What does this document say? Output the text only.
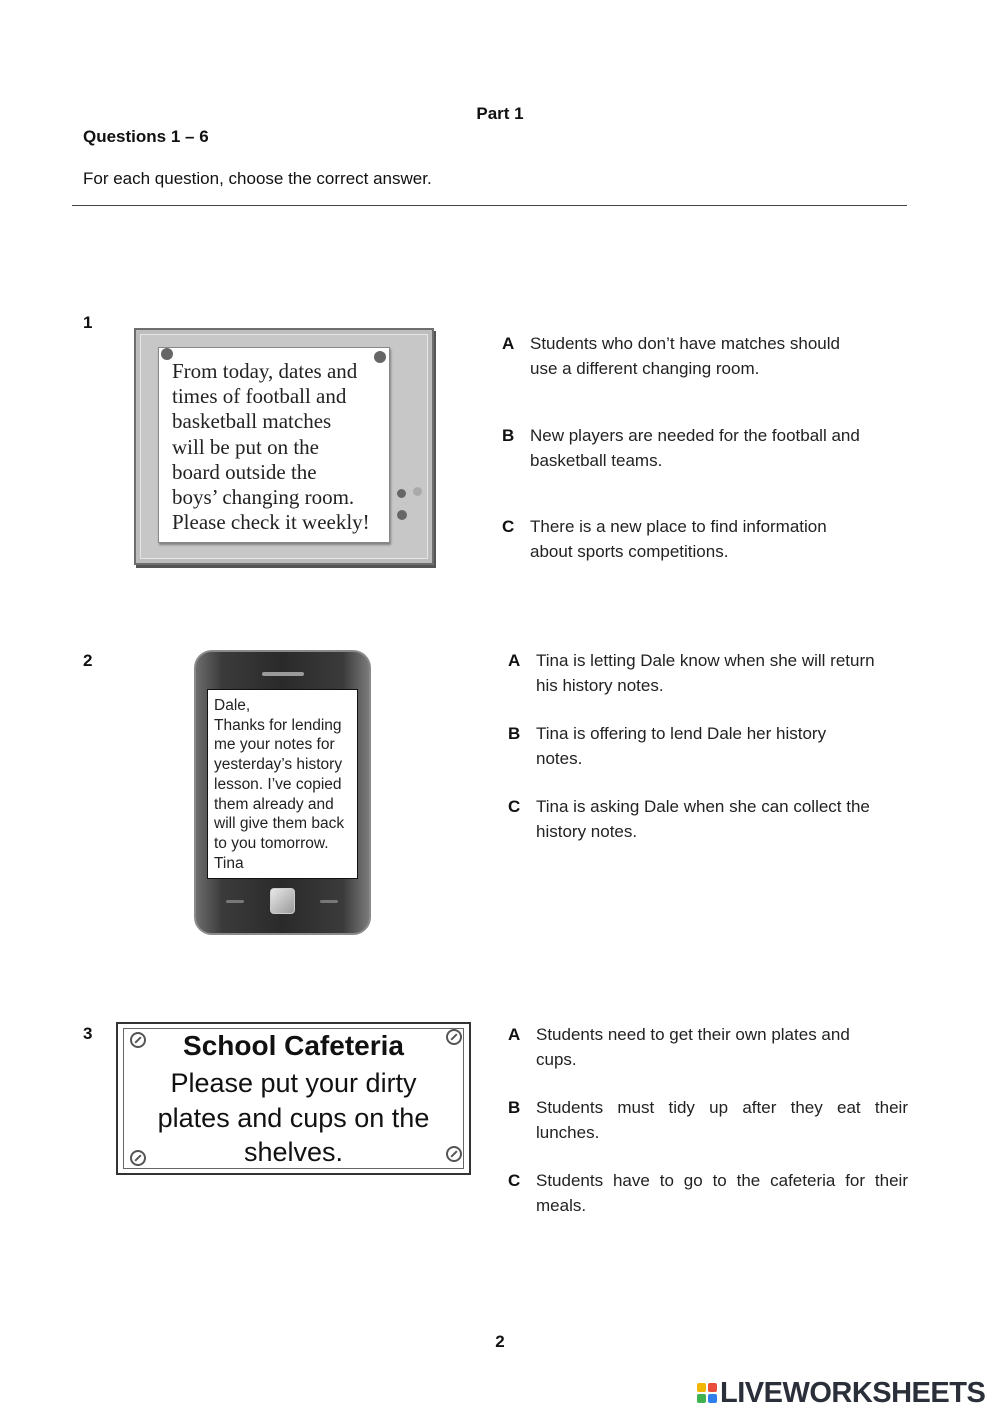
Part 1
Questions 1 – 6
For each question, choose the correct answer.
1
From today, dates and
times of football and
basketball matches
will be put on the
board outside the
boys’ changing room.
Please check it weekly!
A Students who don’t have matches should
use a different changing room.
B New players are needed for the football and
basketball teams.
C There is a new place to find information
about sports competitions.
2
Dale,
Thanks for lending
me your notes for
yesterday’s history
lesson. I’ve copied
them already and
will give them back
to you tomorrow.
Tina
A Tina is letting Dale know when she will return
his history notes.
B Tina is offering to lend Dale her history
notes.
C Tina is asking Dale when she can collect the
history notes.
3	School Cafeteria
Please put your dirty
plates and cups on the
shelves.
A Students need to get their own plates and
cups.
B Students must tidy up after they eat their
lunches.
C Students have to go to the cafeteria for their
meals.
2
LIVEWORKSHEETS
